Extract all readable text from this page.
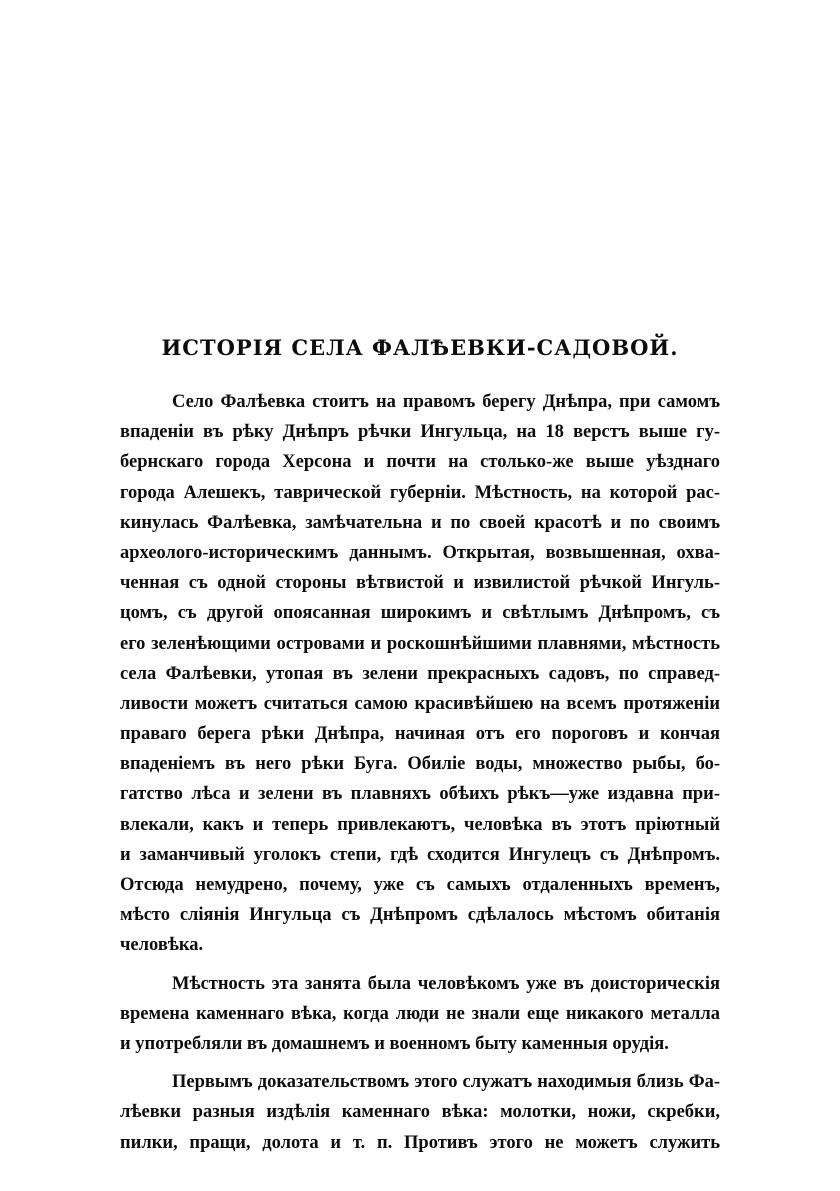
ИСТОРІЯ СЕЛА ФАЛѢЕВКИ-САДОВОЙ.
Село Фалѣевка стоитъ на правомъ берегу Днѣпра, при самомъ
впаденіи въ рѣку Днѣпръ рѣчки Ингульца, на 18 верстъ выше гу-
бернскаго города Херсона и почти на столько-же выше уѣзднаго
города Алешекъ, таврической губерніи. Мѣстность, на которой рас-
кинулась Фалѣевка, замѣчательна и по своей красотѣ и по своимъ
археолого-историческимъ даннымъ. Открытая, возвышенная, охва-
ченная съ одной стороны вѣтвистой и извилистой рѣчкой Ингуль-
цомъ, съ другой опоясанная широкимъ и свѣтлымъ Днѣпромъ, съ
его зеленѣющими островами и роскошнѣйшими плавнями, мѣстность
села Фалѣевки, утопая въ зелени прекрасныхъ садовъ, по справед-
ливости можетъ считаться самою красивѣйшею на всемъ протяженіи
праваго берега рѣки Днѣпра, начиная отъ его пороговъ и кончая
впаденіемъ въ него рѣки Буга. Обиліе воды, множество рыбы, бо-
гатство лѣса и зелени въ плавняхъ обѣихъ рѣкъ—уже издавна при-
влекали, какъ и теперь привлекаютъ, человѣка въ этотъ пріютный
и заманчивый уголокъ степи, гдѣ сходится Ингулецъ съ Днѣпромъ.
Отсюда немудрено, почему, уже съ самыхъ отдаленныхъ временъ,
мѣсто слiянія Ингульца съ Днѣпромъ сдѣлалось мѣстомъ обитанія
человѣка.
Мѣстность эта занята была человѣкомъ уже въ доисторическія
времена каменнаго вѣка, когда люди не знали еще никакого металла
и употребляли въ домашнемъ и военномъ быту каменныя орудія.
Первымъ доказательствомъ этого служатъ находимыя близь Фа-
лѣевки разныя издѣлія каменнаго вѣка: молотки, ножи, скребки,
пилки, пращи, долота и т. п. Противъ этого не можетъ служить
